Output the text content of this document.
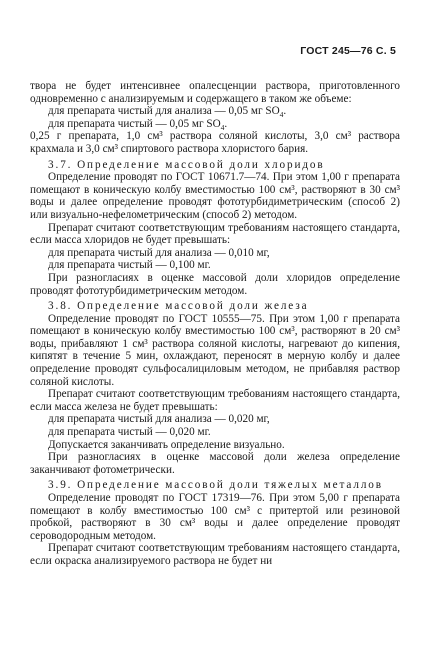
ГОСТ 245—76 С. 5

твора не будет интенсивнее опалесценции раствора, приготовленного одновременно с анализируемым и содержащего в таком же объеме:

для препарата чистый для анализа — 0,05 мг $SO_4$.
для препарата чистый — 0,05 мг $SO_4$.

0,25 г препарата, 1,0 см³ раствора соляной кислоты, 3,0 см³ раствора крахмала и 3,0 см³ спиртового раствора хлористого бария.

3.7. Определение массовой доли хлоридов

Определение проводят по ГОСТ 10671.7—74. При этом 1,00 г препарата помещают в коническую колбу вместимостью 100 см³, растворяют в 30 см³ воды и далее определение проводят фототурбидиметрическим (способ 2) или визуально-нефелометрическим (способ 2) методом.

Препарат считают соответствующим требованиям настоящего стандарта, если масса хлоридов не будет превышать:

для препарата чистый для анализа — 0,010 мг,
для препарата чистый — 0,100 мг.

При разногласиях в оценке массовой доли хлоридов определение проводят фототурбидиметрическим методом.

3.8. Определение массовой доли железа

Определение проводят по ГОСТ 10555—75. При этом 1,00 г препарата помещают в коническую колбу вместимостью 100 см³, растворяют в 20 см³ воды, прибавляют 1 см³ раствора соляной кислоты, нагревают до кипения, кипятят в течение 5 мин, охлаждают, переносят в мерную колбу и далее определение проводят сульфосалициловым методом, не прибавляя раствор соляной кислоты.

Препарат считают соответствующим требованиям настоящего стандарта, если масса железа не будет превышать:

для препарата чистый для анализа — 0,020 мг,
для препарата чистый — 0,020 мг.

Допускается заканчивать определение визуально.

При разногласиях в оценке массовой доли железа определение заканчивают фотометрически.

3.9. Определение массовой доли тяжелых металлов

Определение проводят по ГОСТ 17319—76. При этом 5,00 г препарата помещают в колбу вместимостью 100 см³ с притертой или резиновой пробкой, растворяют в 30 см³ воды и далее определение проводят сероводородным методом.

Препарат считают соответствующим требованиям настоящего стандарта, если окраска анализируемого раствора не будет ни
